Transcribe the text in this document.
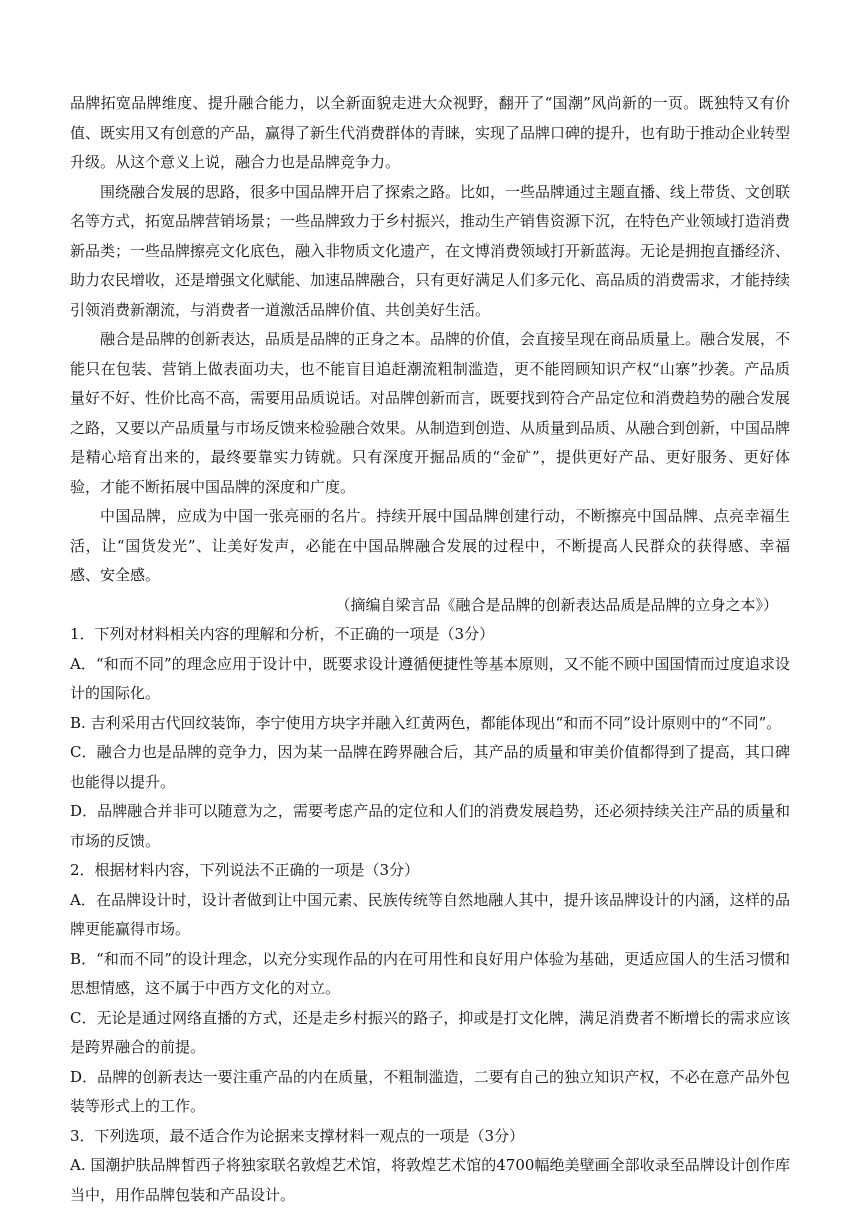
品牌拓宽品牌维度、提升融合能力，以全新面貌走进大众视野，翻开了“国潮”风尚新的一页。既独特又有价值、既实用又有创意的产品，赢得了新生代消费群体的青睐，实现了品牌口碑的提升，也有助于推动企业转型升级。从这个意义上说，融合力也是品牌竞争力。

围绕融合发展的思路，很多中国品牌开启了探索之路。比如，一些品牌通过主题直播、线上带货、文创联名等方式，拓宽品牌营销场景；一些品牌致力于乡村振兴，推动生产销售资源下沉，在特色产业领域打造消费新品类；一些品牌擦亮文化底色，融入非物质文化遗产，在文博消费领域打开新蓝海。无论是拥抱直播经济、助力农民增收，还是增强文化赋能、加速品牌融合，只有更好满足人们多元化、高品质的消费需求，才能持续引领消费新潮流，与消费者一道激活品牌价值、共创美好生活。

融合是品牌的创新表达，品质是品牌的正身之本。品牌的价值，会直接呈现在商品质量上。融合发展，不能只在包装、营销上做表面功夫，也不能盲目追赶潮流粗制滥造，更不能罔顾知识产权“山寨”抄袭。产品质量好不好、性价比高不高，需要用品质说话。对品牌创新而言，既要找到符合产品定位和消费趋势的融合发展之路，又要以产品质量与市场反馈来检验融合效果。从制造到创造、从质量到品质、从融合到创新，中国品牌是精心培育出来的，最终要靠实力铸就。只有深度开掘品质的“金矿”，提供更好产品、更好服务、更好体验，才能不断拓展中国品牌的深度和广度。

中国品牌，应成为中国一张亮丽的名片。持续开展中国品牌创建行动，不断擦亮中国品牌、点亮幸福生活，让“国货发光”、让美好发声，必能在中国品牌融合发展的过程中，不断提高人民群众的获得感、幸福感、安全感。

（摘编自梁言品《融合是品牌的创新表达品质是品牌的立身之本》）

1．下列对材料相关内容的理解和分析，不正确的一项是（3分）

A．“和而不同”的理念应用于设计中，既要求设计遵循便捷性等基本原则，又不能不顾中国国情而过度追求设计的国际化。

B. 吉利采用古代回纹装饰，李宁使用方块字并融入红黄两色，都能体现出“和而不同”设计原则中的“不同”。

C．融合力也是品牌的竞争力，因为某一品牌在跨界融合后，其产品的质量和审美价值都得到了提高，其口碑也能得以提升。

D．品牌融合并非可以随意为之，需要考虑产品的定位和人们的消费发展趋势，还必须持续关注产品的质量和市场的反馈。

2．根据材料内容，下列说法不正确的一项是（3分）

A．在品牌设计时，设计者做到让中国元素、民族传统等自然地融人其中，提升该品牌设计的内涵，这样的品牌更能赢得市场。

B．“和而不同”的设计理念，以充分实现作品的内在可用性和良好用户体验为基础，更适应国人的生活习惯和思想情感，这不属于中西方文化的对立。

C．无论是通过网络直播的方式，还是走乡村振兴的路子，抑或是打文化牌，满足消费者不断增长的需求应该是跨界融合的前提。

D．品牌的创新表达一要注重产品的内在质量，不粗制滥造，二要有自己的独立知识产权，不必在意产品外包装等形式上的工作。

3．下列选项，最不适合作为论据来支撑材料一观点的一项是（3分）

A. 国潮护肤品牌皙西子将独家联名敦煌艺术馆，将敦煌艺术馆的4700幅绝美壁画全部收录至品牌设计创作库当中，用作品牌包装和产品设计。
